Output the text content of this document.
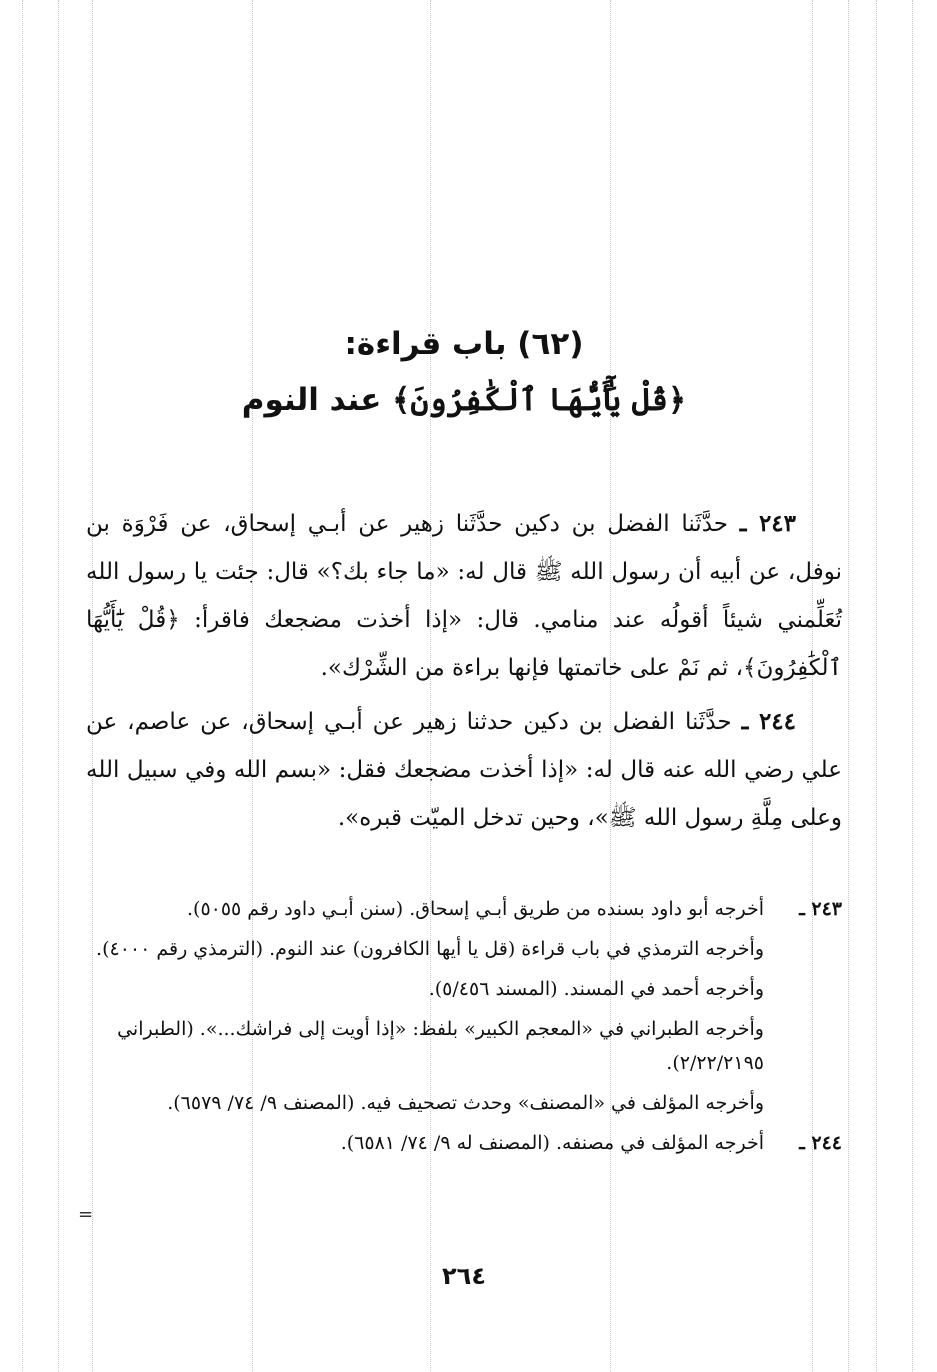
(٦٢) باب قراءة:
﴿قُلْ يَٰٓأَيُّهَا ٱلْكَٰفِرُونَ﴾ عند النوم

٢٤٣ ـ حدَّثَنا الفضل بن دكين حدَّثَنا زهير عن أبـي إسحاق، عن فَرْوَة بن نوفل، عن أبيه أن رسول الله ﷺ قال له: «ما جاء بك؟» قال: جئت يا رسول الله تُعَلِّمني شيئاً أقولُه عند منامي. قال: «إذا أخذت مضجعك فاقرأ: ﴿قُلْ يَٰٓأَيُّهَا ٱلْكَٰفِرُونَ﴾، ثم نَمْ على خاتمتها فإنها براءة من الشِّرْك».

٢٤٤ ـ حدَّثَنا الفضل بن دكين حدثنا زهير عن أبـي إسحاق، عن عاصم، عن علي رضي الله عنه قال له: «إذا أخذت مضجعك فقل: «بسم الله وفي سبيل الله وعلى مِلَّةِ رسول الله ﷺ»، وحين تدخل الميّت قبره».

٢٤٣ ـ
أخرجه أبو داود بسنده من طريق أبـي إسحاق. (سنن أبـي داود رقم ٥٠٥٥).
وأخرجه الترمذي في باب قراءة (قل يا أيها الكافرون) عند النوم. (الترمذي رقم ٤٠٠٠).
وأخرجه أحمد في المسند. (المسند ٥/٤٥٦).
وأخرجه الطبراني في «المعجم الكبير» بلفظ: «إذا أويت إلى فراشك...». (الطبراني ٢/٢٢/٢١٩٥).
وأخرجه المؤلف في «المصنف» وحدث تصحيف فيه. (المصنف ٩/ ٧٤/ ٦٥٧٩).
٢٤٤ ـ
أخرجه المؤلف في مصنفه. (المصنف له ٩/ ٧٤/ ٦٥٨١).
٢٦٤
=
